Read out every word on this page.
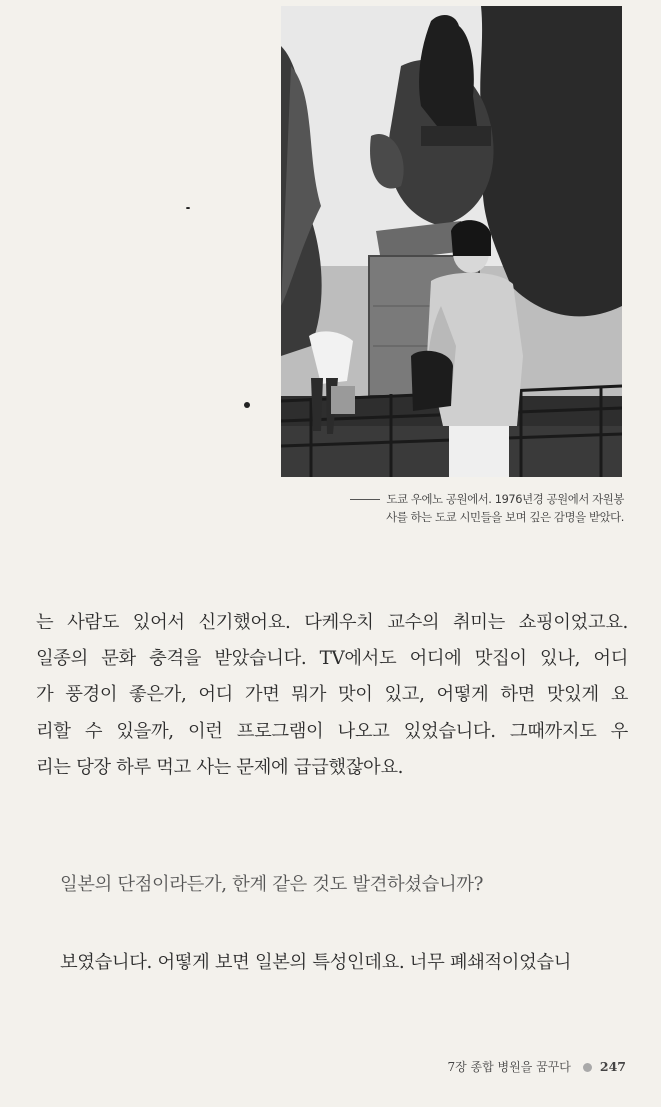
도쿄 우에노 공원에서. 1976년경 공원에서 자원봉
사를 하는 도쿄 시민들을 보며 깊은 감명을 받았다.
는 사람도 있어서 신기했어요. 다케우치 교수의 취미는 쇼핑이었고요.
일종의 문화 충격을 받았습니다. TV에서도 어디에 맛집이 있나, 어디
가 풍경이 좋은가, 어디 가면 뭐가 맛이 있고, 어떻게 하면 맛있게 요
리할 수 있을까, 이런 프로그램이 나오고 있었습니다. 그때까지도 우
리는 당장 하루 먹고 사는 문제에 급급했잖아요.
일본의 단점이라든가, 한계 같은 것도 발견하셨습니까?
보였습니다. 어떻게 보면 일본의 특성인데요. 너무 폐쇄적이었습니
7장 종합 병원을 꿈꾸다 247
